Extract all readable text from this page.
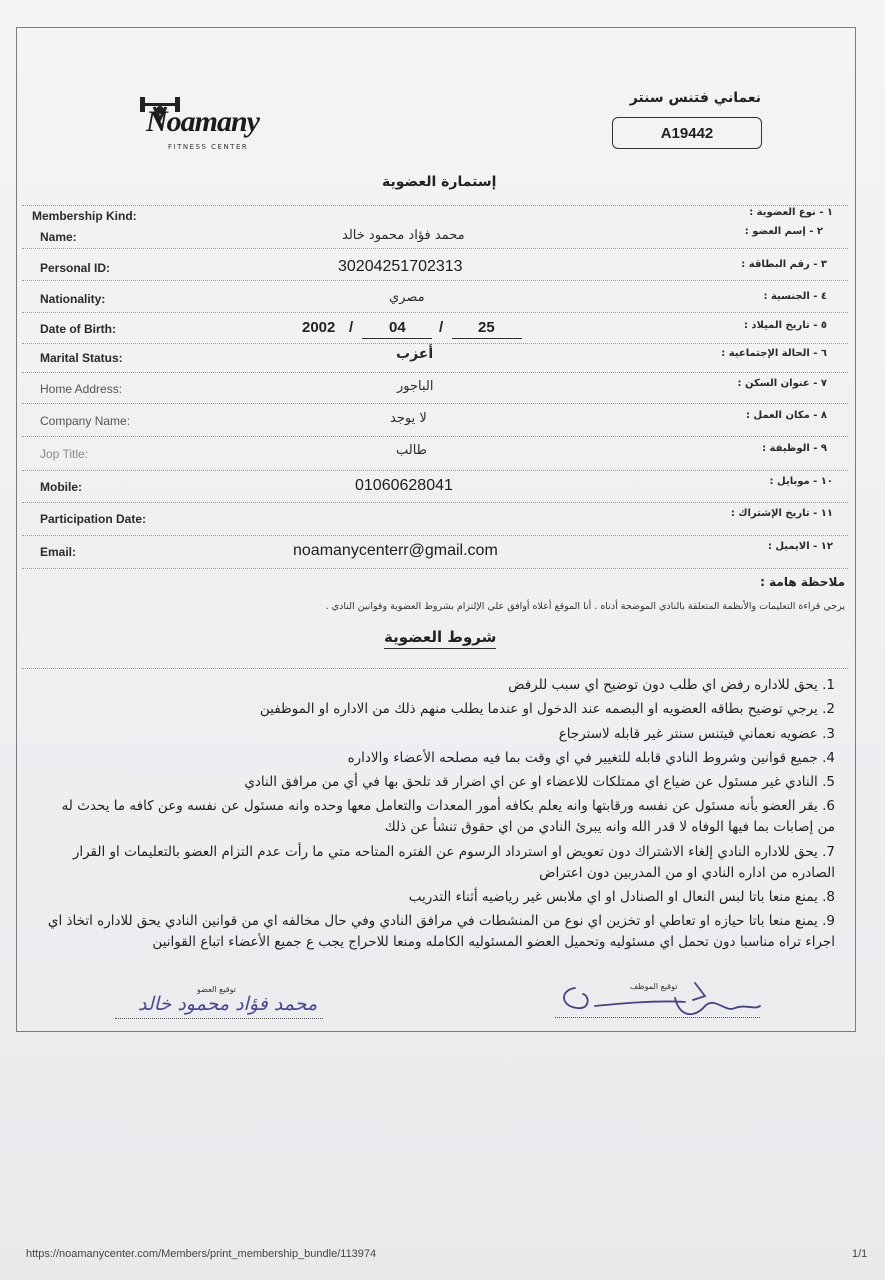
Noamany
FITNESS CENTER
نعماني فتنس سنتر
A19442
إستمارة العضوية
Membership Kind:
Name:
Personal ID:
Nationality:
Date of Birth:
Marital Status:
Home Address:
Company Name:
Jop Title:
Mobile:
Participation Date:
Email:
١ - نوع العضوية :
٢ - إسم العضو :
٣ - رقم البطاقة :
٤ - الجنسية :
٥ - تاريخ الميلاد :
٦ - الحالة الإجتماعية :
٧ - عنوان السكن :
٨ - مكان العمل :
٩ - الوظيفة :
١٠ - موبايل :
١١ - تاريخ الإشتراك :
١٢ - الايميل :
محمد فؤاد محمود خالد
30204251702313
مصري
2002 / 04 / 25
أعزب
الباجور
لا يوجد
طالب
01060628041
noamanycenterr@gmail.com
ملاحظة هامة :
يرجي قراءة التعليمات والأنظمة المتعلقة بالنادي الموضحة أدناه . أنا الموقع أعلاه أوافق علي الإلتزام بشروط العضوية وقوانين النادي .
شروط العضوية
1. يحق للاداره رفض اي طلب دون توضيح اي سبب للرفض
2. يرجي توضيح بطاقه العضويه او البصمه عند الدخول او عندما يطلب منهم ذلك من الاداره او الموظفين
3. عضويه نعماني فيتنس سنتر غير قابله لاسترجاع
4. جميع قوانين وشروط النادي قابله للتغيير في اي وقت بما فيه مصلحه الأعضاء والاداره
5. النادي غير مسئول عن ضياع اي ممتلكات للاعضاء او عن اي اضرار قد تلحق بها في أي من مرافق النادي
6. يقر العضو بأنه مسئول عن نفسه ورقابتها وانه يعلم بكافه أمور المعدات والتعامل معها وحده وانه مسئول عن نفسه وعن كافه ما يحدث له من إصابات بما فيها الوفاه لا قدر الله وانه يبرئ النادي من اي حقوق تنشأ عن ذلك
7. يحق للاداره النادي إلغاء الاشتراك دون تعويض او استرداد الرسوم عن الفتره المتاحه متي ما رأت عدم التزام العضو بالتعليمات او القرار الصادره من اداره النادي او من المدربين دون اعتراض
8. يمنع منعا باتا لبس النعال او الصنادل او اي ملابس غير رياضيه أثناء التدريب
9. يمنع منعا باتا حيازه او تعاطي او تخزين اي نوع من المنشطات في مرافق النادي وفي حال مخالفه اي من قوانين النادي يحق للاداره اتخاذ اي اجراء تراه مناسبا دون تحمل اي مسئوليه وتحميل العضو المسئوليه الكامله ومنعا للاحراج يجب ع جميع الأعضاء اتباع القوانين
توقيع العضو
محمد فؤاد محمود خالد
توقيع الموظف
https://noamanycenter.com/Members/print_membership_bundle/113974	1/1
